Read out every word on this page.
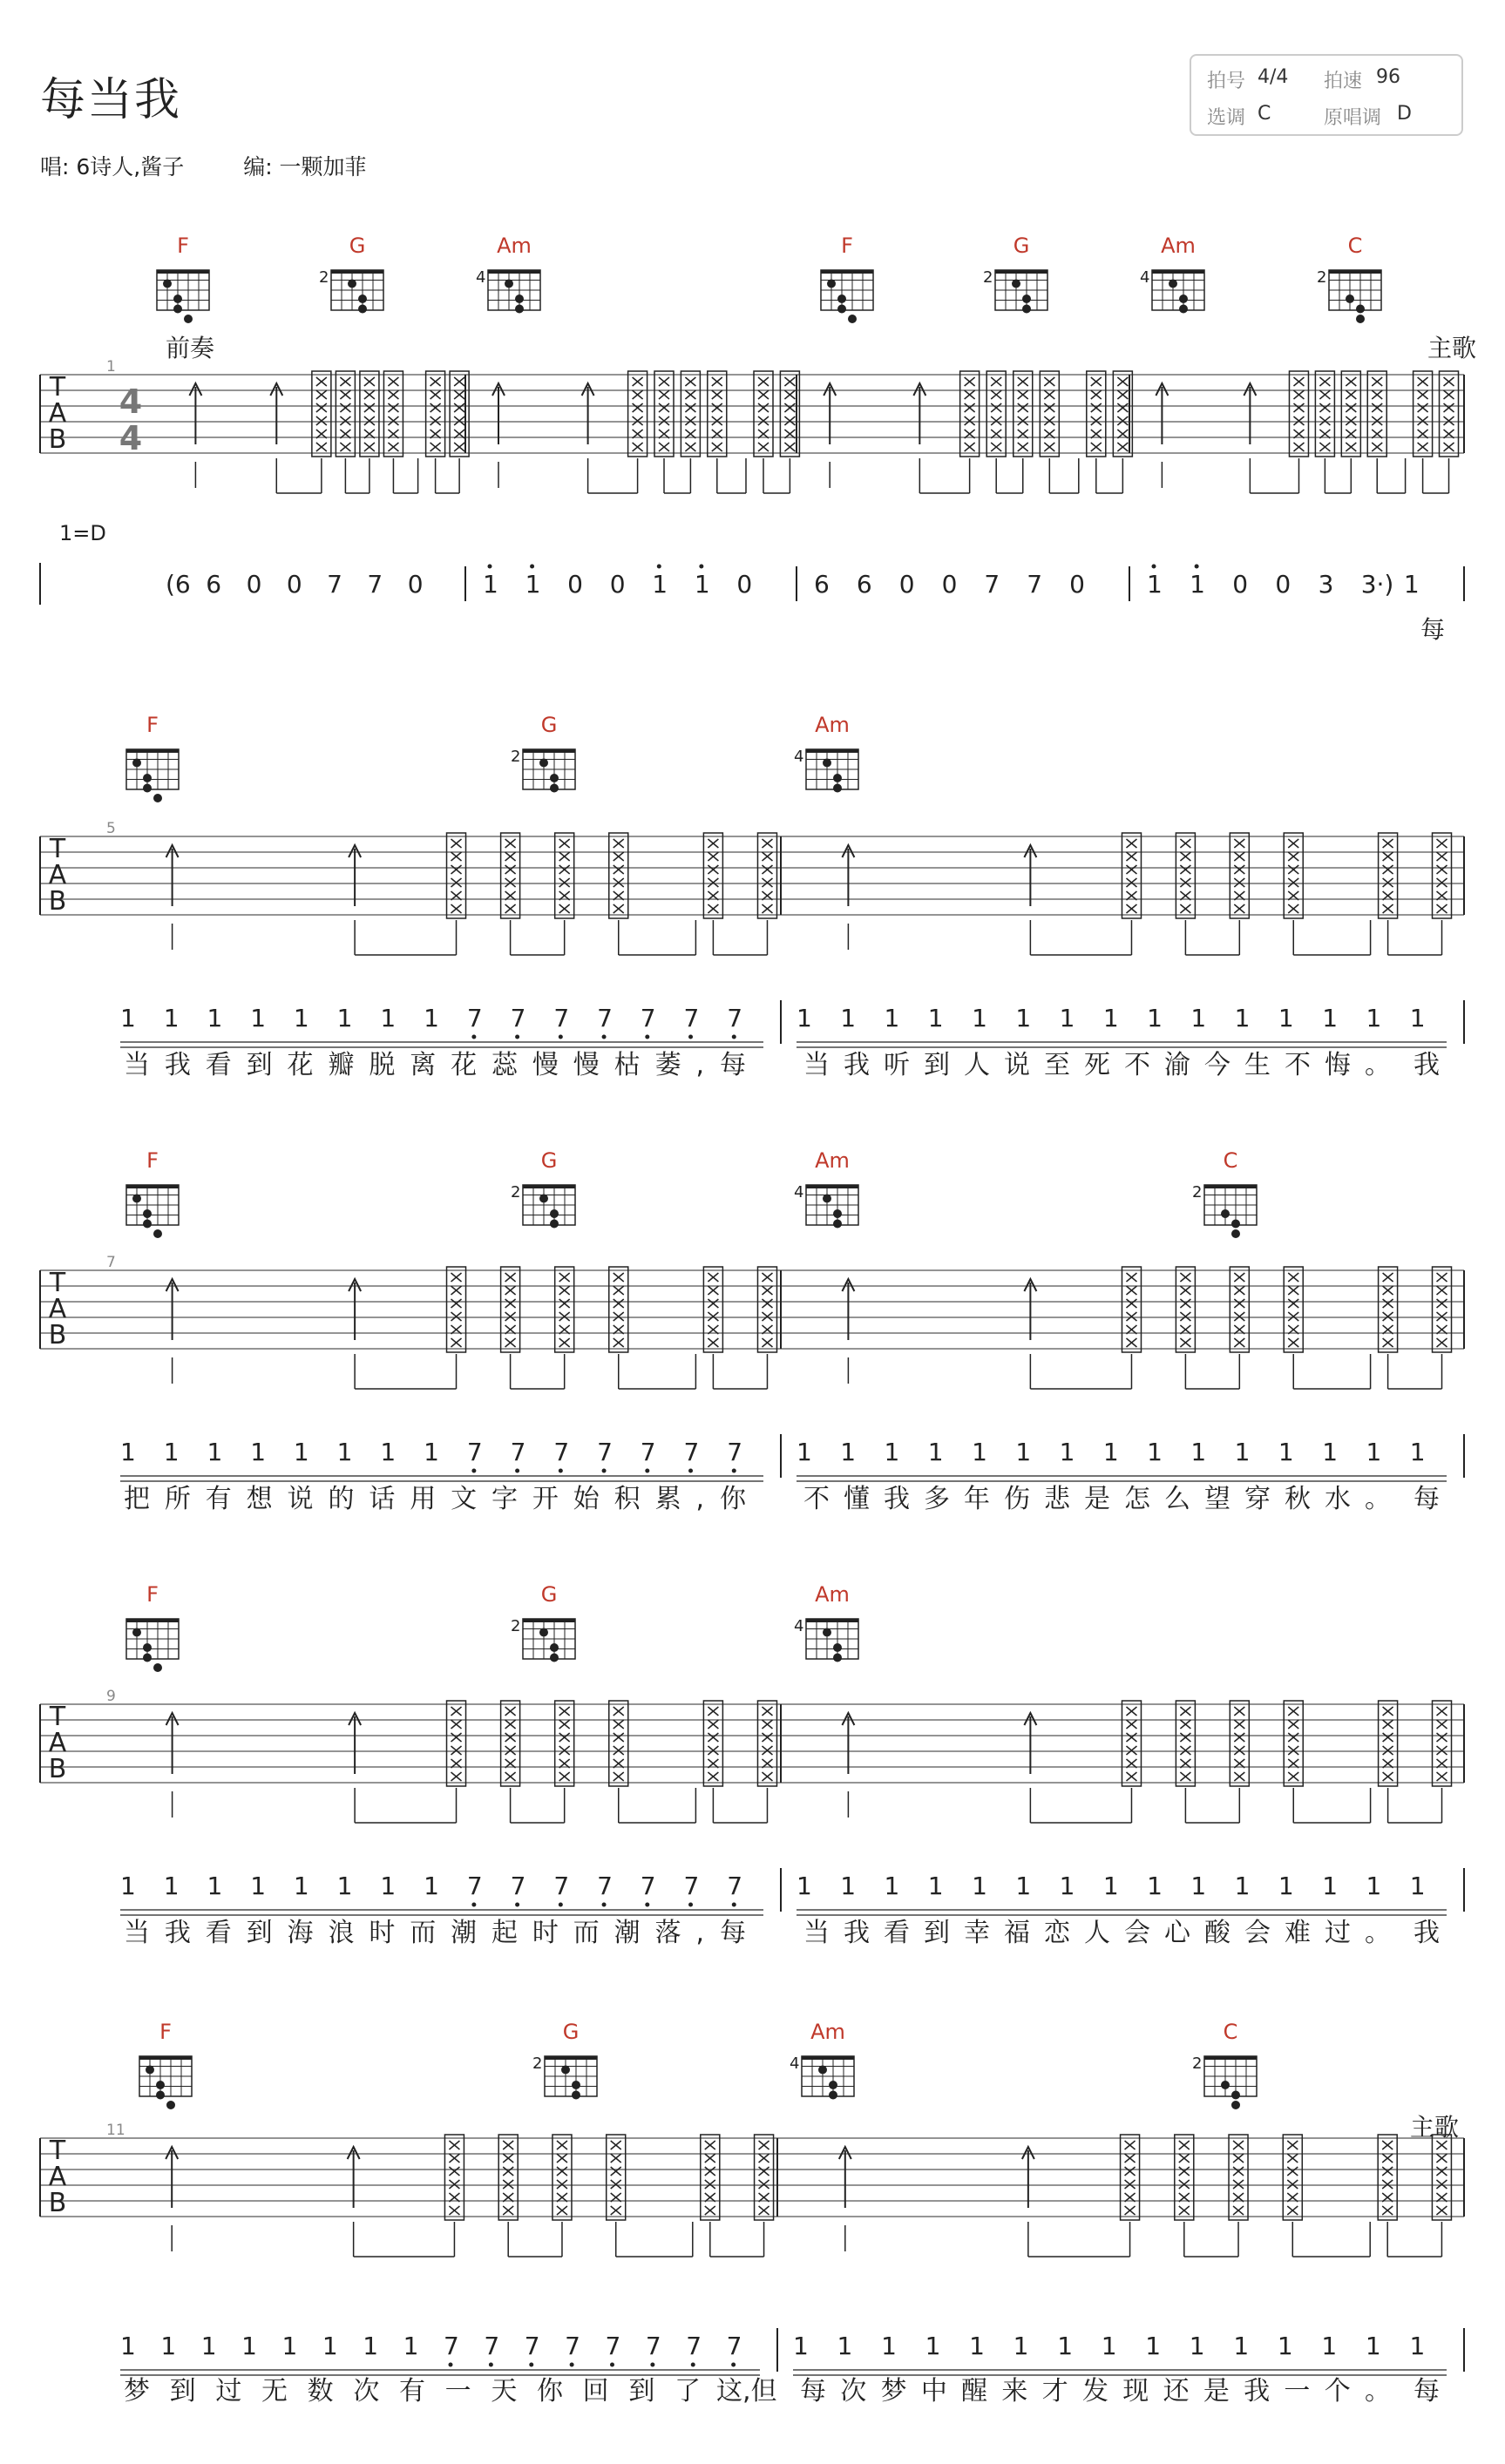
每当我
唱: 6诗人,酱子	编: 一颗加菲
拍号 4/4 拍速 96
选调 C	原唱调 D
前奏	主歌
主歌
1=D
F	G
2
Am
4
F	G
2
Am
4
C
2
T
A
B
1
4
4
(6 6 0 0 7 7 0 1 1 0 0 1 1 0	6 6 0 0 7 7 0	1 1 0 0 3 3·) 1
每
F	G
2
Am
4
T
A
B
5
1 1 1 1 1 1 1 1 7 7 7 7 7 7 7 1 1 1 1 1 1 1 1 1 1 1 1 1 1 1
当我看到花瓣脱离花蕊慢慢枯萎, 每 当我听到人说至死不渝今生不悔。 我
F	G
2
Am
4
C
2
T
A
B
7
1 1 1 1 1 1 1 1 7 7 7 7 7 7 7 1 1 1 1 1 1 1 1 1 1 1 1 1 1 1
把所有想说的话用文字开始积累, 你 不懂我多年伤悲是怎么望穿秋水。 每
F	G
2
Am
4
T
A
B
9
1 1 1 1 1 1 1 1 7 7 7 7 7 7 7 1 1 1 1 1 1 1 1 1 1 1 1 1 1 1
当我看到海浪时而潮起时而潮落, 每 当我看到幸福恋人会心酸会难过。 我
F	G
2
Am
4
C
2
T
A
B
11
1 1 1 1 1 1 1 1 7 7 7 7 7 7 7 7 1 1 1 1 1 1 1 1 1 1 1 1 1 1 1
梦到过无数次有一天你回到了 这,但 每次梦中醒来才发现还是我一个。 每
